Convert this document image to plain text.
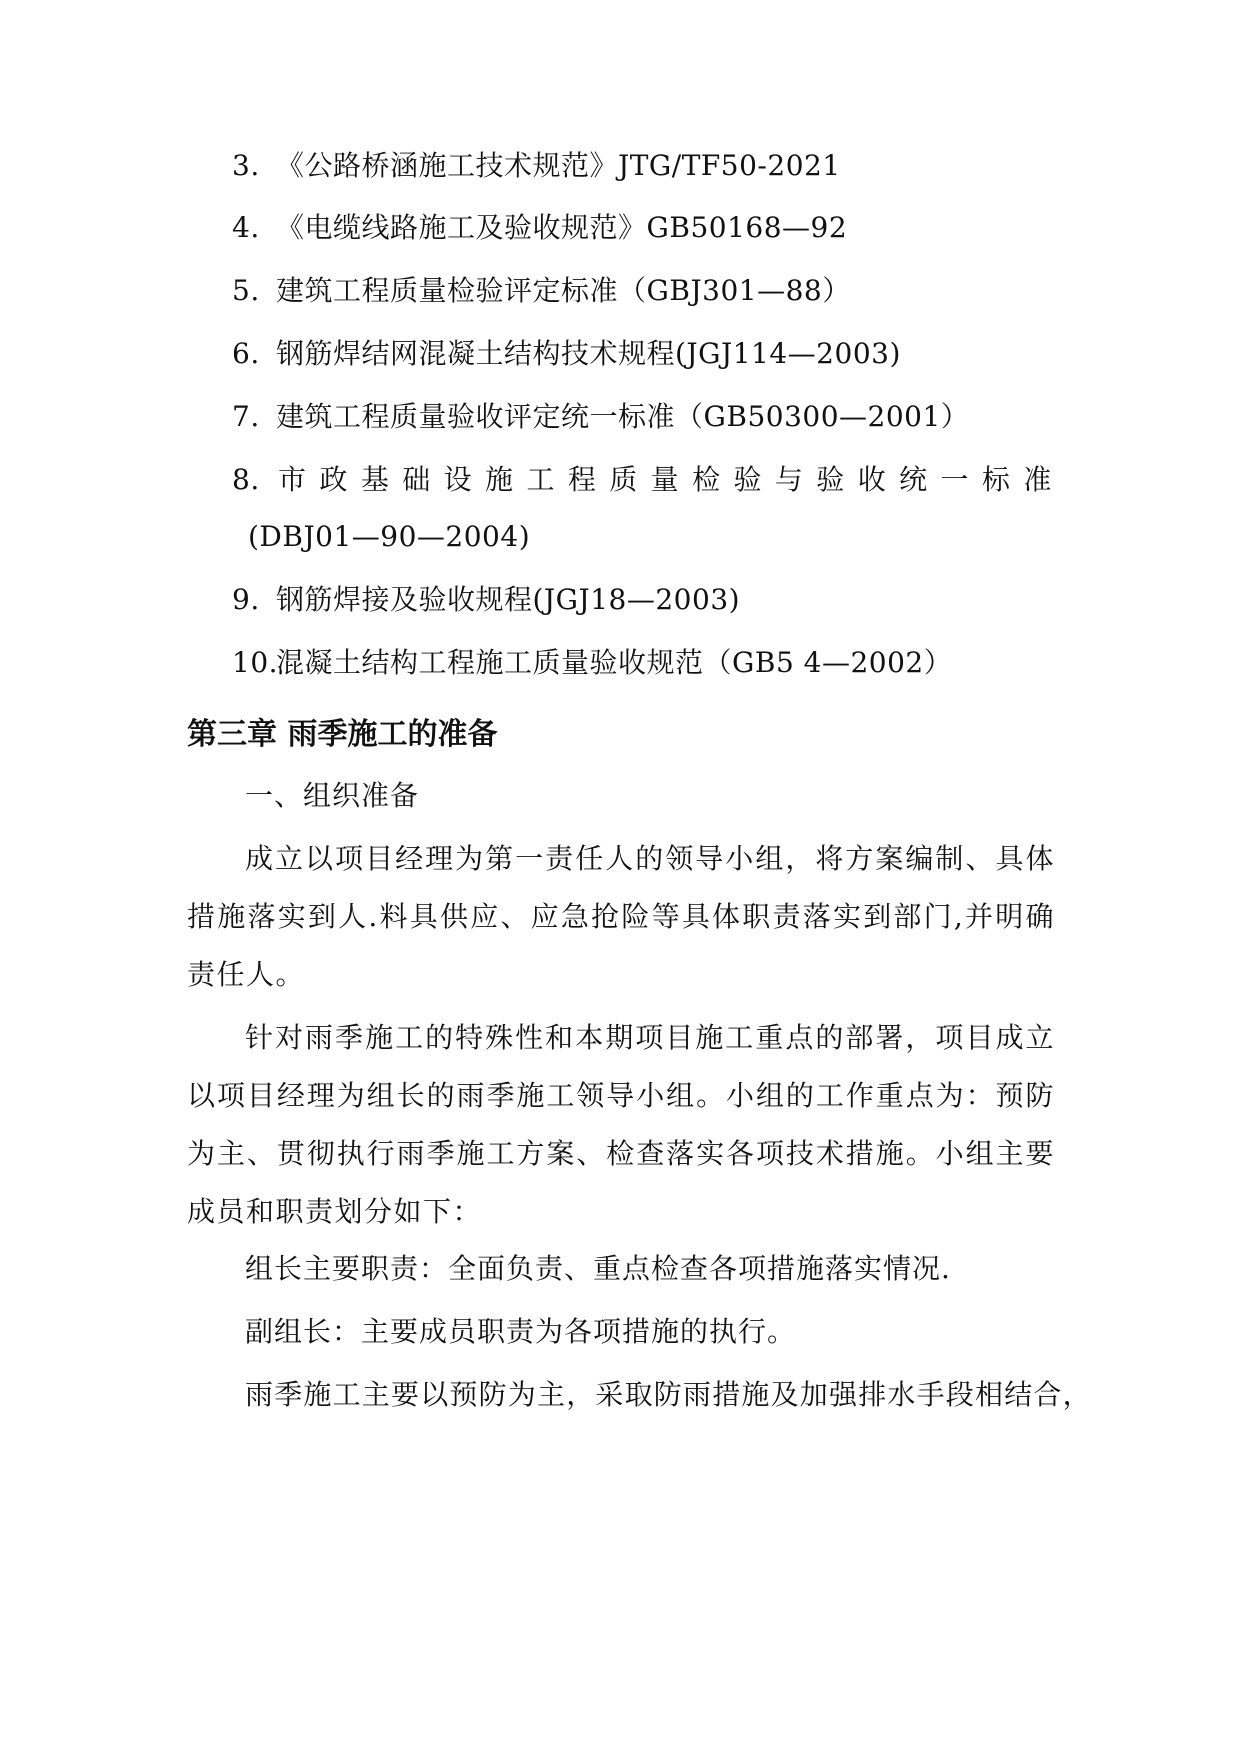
3. 《公路桥涵施工技术规范》JTG/TF50-2021
4. 《电缆线路施工及验收规范》GB50168—92
5. 建筑工程质量检验评定标准（GBJ301—88）
6. 钢筋焊结网混凝土结构技术规程(JGJ114—2003)
7. 建筑工程质量验收评定统一标准（GB50300—2001）
8. 市 政 基 础 设 施 工 程 质 量 检 验 与 验 收 统 一 标 准
(DBJ01—90—2004)
9. 钢筋焊接及验收规程(JGJ18—2003)
10.混凝土结构工程施工质量验收规范（GB5 4—2002）
第三章 雨季施工的准备
一、组织准备
成立以项目经理为第一责任人的领导小组，将方案编制、具体措施落实到人.料具供应、应急抢险等具体职责落实到部门,并明确责任人。
针对雨季施工的特殊性和本期项目施工重点的部署，项目成立以项目经理为组长的雨季施工领导小组。小组的工作重点为：预防为主、贯彻执行雨季施工方案、检查落实各项技术措施。小组主要成员和职责划分如下：
组长主要职责：全面负责、重点检查各项措施落实情况.
副组长：主要成员职责为各项措施的执行。
雨季施工主要以预防为主，采取防雨措施及加强排水手段相结合，
